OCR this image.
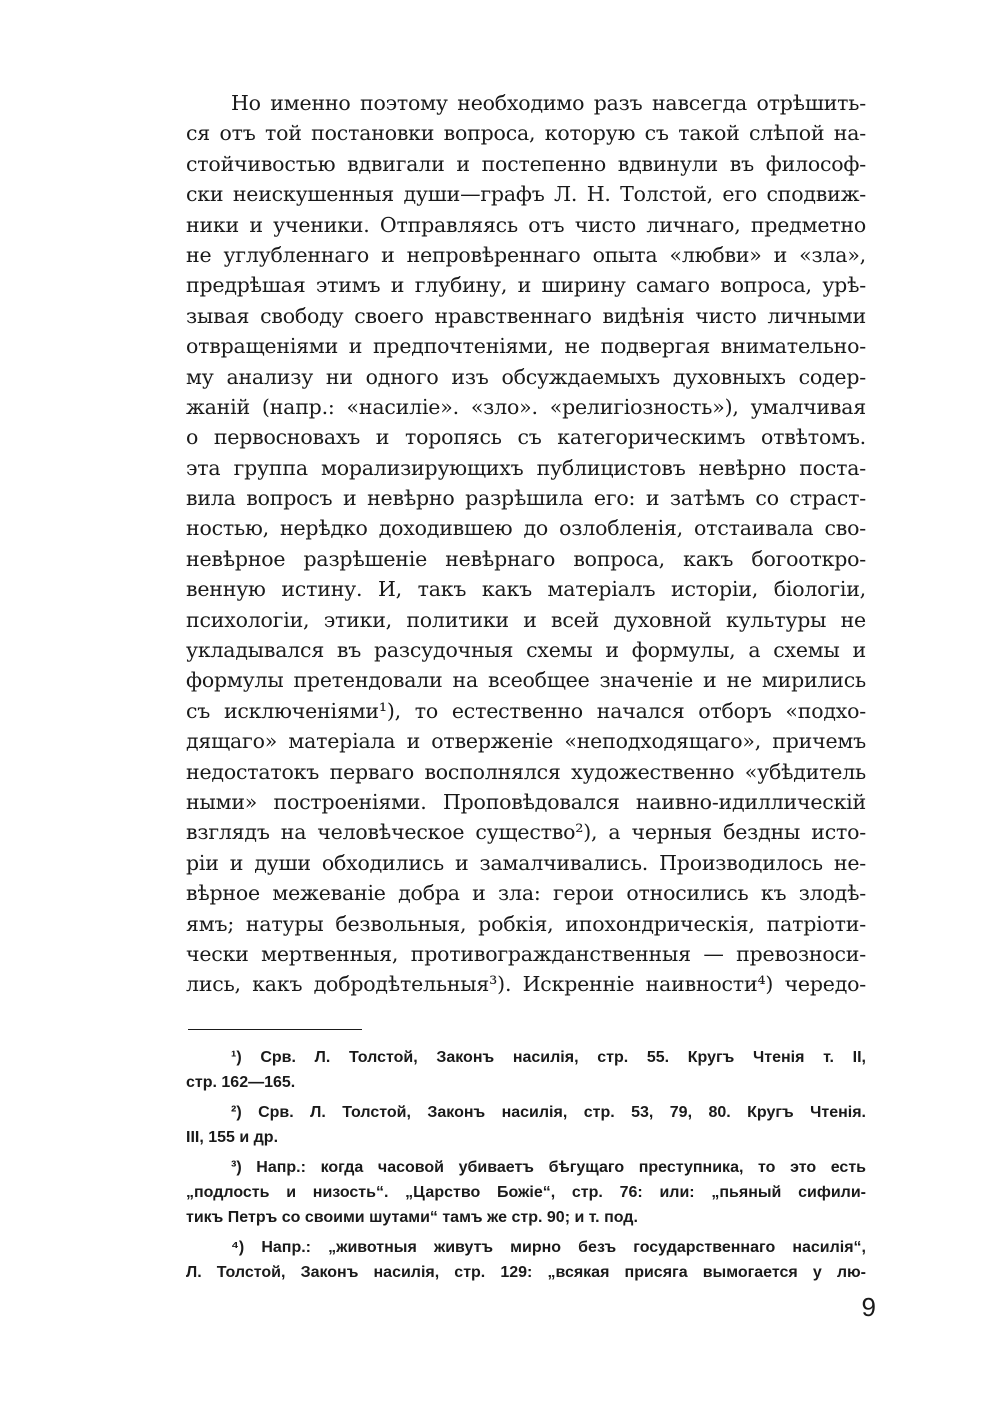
Но именно поэтому необходимо разъ навсегда отрѣшить-
ся отъ той постановки вопроса, которую съ такой слѣпой на-
стойчивостью вдвигали и постепенно вдвинули въ философ-
ски неискушенныя души—графъ Л. Н. Толстой, его сподвиж-
ники и ученики. Отправляясь отъ чисто личнаго, предметно
не углубленнаго и непровѣреннаго опыта «любви» и «зла»,
предрѣшая этимъ и глубину, и ширину самаго вопроса, урѣ-
зывая свободу своего нравственнаго видѣнія чисто личными
отвращеніями и предпочтеніями, не подвергая внимательно-
му анализу ни одного изъ обсуждаемыхъ духовныхъ содер-
жаній (напр.: «насиліе». «зло». «религіозность»), умалчивая
о первосновахъ и торопясь съ категорическимъ отвѣтомъ.
эта группа морализирующихъ публицистовъ невѣрно поста-
вила вопросъ и невѣрно разрѣшила его: и затѣмъ со страст-
ностью, нерѣдко доходившею до озлобленія, отстаивала сво-
невѣрное разрѣшеніе невѣрнаго вопроса, какъ богооткро-
венную истину. И, такъ какъ матеріалъ исторіи, біологіи,
психологіи, этики, политики и всей духовной культуры не
укладывался въ разсудочныя схемы и формулы, а схемы и
формулы претендовали на всеобщее значеніе и не мирились
съ исключеніями¹), то естественно начался отборъ «подхо-
дящаго» матеріала и отверженіе «неподходящаго», причемъ
недостатокъ перваго восполнялся художественно «убѣдитель
ными» построеніями. Проповѣдовался наивно-идиллическій
взглядъ на человѣческое существо²), а черныя бездны исто-
ріи и души обходились и замалчивались. Производилось не-
вѣрное межеваніе добра и зла: герои относились къ злодѣ-
ямъ; натуры безвольныя, робкія, ипохондрическія, патріоти-
чески мертвенныя, противогражданственныя — превозноси-
лись, какъ добродѣтельныя³). Искренніе наивности⁴) чередо-
¹) Срв. Л. Толстой, Законъ насилія, стр. 55. Кругъ Чтенія т. II,
стр. 162—165.
²) Срв. Л. Толстой, Законъ насилія, стр. 53, 79, 80. Кругъ Чтенія.
III, 155 и др.
³) Напр.: когда часовой убиваетъ бѣгущаго преступника, то это есть
„подлость и низость“. „Царство Божіе“, стр. 76: или: „пьяный сифили-
тикъ Петръ со своими шутами“ тамъ же стр. 90; и т. под.
⁴) Напр.: „животныя живутъ мирно безъ государственнаго насилія“,
Л. Толстой, Законъ насилія, стр. 129: „всякая присяга вымогается у лю-
9
